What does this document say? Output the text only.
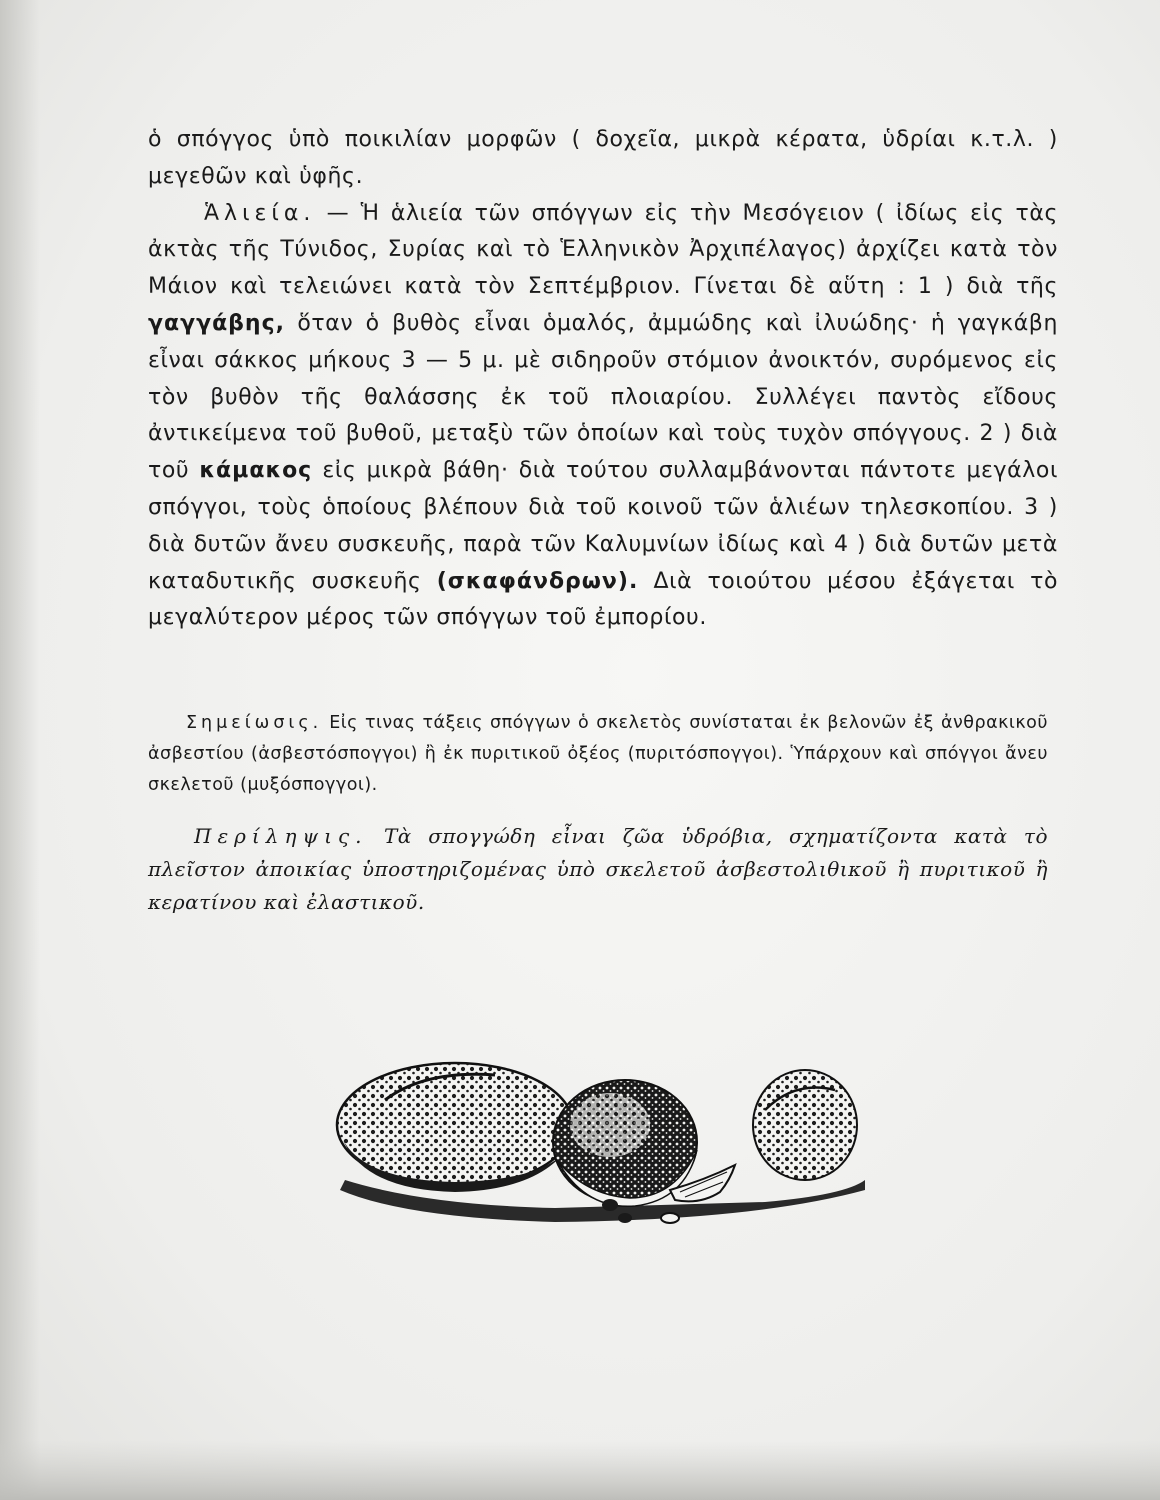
ὁ σπόγγος ὑπὸ ποικιλίαν μορφῶν ( δοχεῖα, μικρὰ κέρατα, ὑδρίαι κ.τ.λ. ) μεγεθῶν καὶ ὑφῆς.

Ἁλιεία. — Ἡ ἁλιεία τῶν σπόγγων εἰς τὴν Μεσόγειον ( ἰδίως εἰς τὰς ἀκτὰς τῆς Τύνιδος, Συρίας καὶ τὸ Ἑλληνικὸν Ἀρχιπέλαγος) ἀρχίζει κατὰ τὸν Μάιον καὶ τελειώνει κατὰ τὸν Σεπτέμβριον. Γίνεται δὲ αὕτη : 1 ) διὰ τῆς γαγγάβης, ὅταν ὁ βυθὸς εἶναι ὁμαλός, ἀμμώδης καὶ ἰλυώδης· ἡ γαγκάβη εἶναι σάκκος μήκους 3 — 5 μ. μὲ σιδηροῦν στόμιον ἀνοικτόν, συρόμενος εἰς τὸν βυθὸν τῆς θαλάσσης ἐκ τοῦ πλοιαρίου. Συλλέγει παντὸς εἴδους ἀντικείμενα τοῦ βυθοῦ, μεταξὺ τῶν ὁποίων καὶ τοὺς τυχὸν σπόγγους. 2 ) διὰ τοῦ κάμακος εἰς μικρὰ βάθη· διὰ τούτου συλλαμβάνονται πάντοτε μεγάλοι σπόγγοι, τοὺς ὁποίους βλέπουν διὰ τοῦ κοινοῦ τῶν ἁλιέων τηλεσκοπίου. 3 ) διὰ δυτῶν ἄνευ συσκευῆς, παρὰ τῶν Καλυμνίων ἰδίως καὶ 4 ) διὰ δυτῶν μετὰ καταδυτικῆς συσκευῆς (σκαφάνδρων). Διὰ τοιούτου μέσου ἐξάγεται τὸ μεγαλύτερον μέρος τῶν σπόγγων τοῦ ἐμπορίου.

Σημείωσις. Εἰς τινας τάξεις σπόγγων ὁ σκελετὸς συνίσταται ἐκ βελονῶν ἐξ ἀνθρακικοῦ ἀσβεστίου (ἀσβεστόσπογγοι) ἢ ἐκ πυριτικοῦ ὀξέος (πυριτόσπογγοι). Ὑπάρχουν καὶ σπόγγοι ἄνευ σκελετοῦ (μυξόσπογγοι).

Περίληψις. Τὰ σπογγώδη εἶναι ζῶα ὑδρόβια, σχηματίζοντα κατὰ τὸ πλεῖστον ἀποικίας ὑποστηριζομένας ὑπὸ σκελετοῦ ἀσβεστολιθικοῦ ἢ πυριτικοῦ ἢ κερατίνου καὶ ἐλαστικοῦ.
